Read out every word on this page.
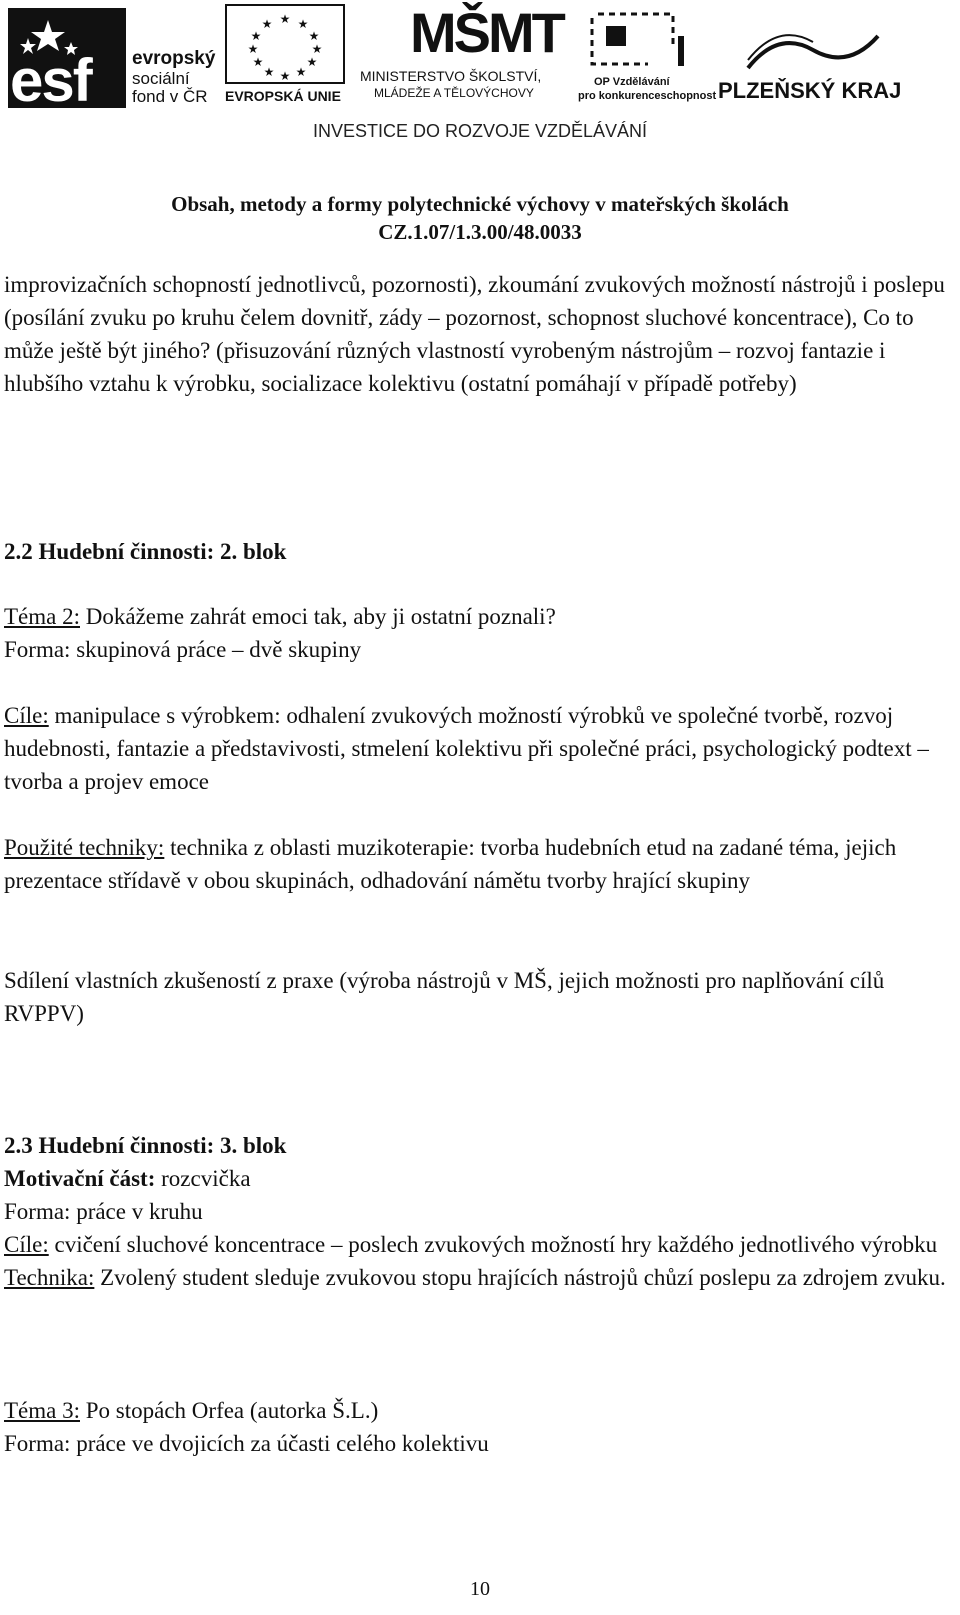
esf evropský
sociální
fond v ČR
★ ★
★
★
★
★
★
★
★
★
★
★
EVROPSKÁ UNIE
MŠMT
MINISTERSTVO ŠKOLSTVÍ,
MLÁDEŽE A TĚLOVÝCHOVY
OP Vzdělávání
pro konkurenceschopnost PLZEŇSKÝ KRAJ
INVESTICE DO ROZVOJE VZDĚLÁVÁNÍ
Obsah, metody a formy polytechnické výchovy v mateřských školách
CZ.1.07/1.3.00/48.0033

improvizačních schopností jednotlivců, pozornosti), zkoumání zvukových možností nástrojů i poslepu (posílání zvuku po kruhu čelem dovnitř, zády – pozornost, schopnost sluchové koncentrace), Co to může ještě být jiného? (přisuzování různých vlastností vyrobeným nástrojům – rozvoj fantazie i hlubšího vztahu k výrobku, socializace kolektivu (ostatní pomáhají v případě potřeby)

2.2 Hudební činnosti: 2. blok

Téma 2: Dokážeme zahrát emoci tak, aby ji ostatní poznali?

Forma: skupinová práce – dvě skupiny

Cíle: manipulace s výrobkem: odhalení zvukových možností výrobků ve společné tvorbě, rozvoj hudebnosti, fantazie a představivosti, stmelení kolektivu při společné práci, psychologický podtext – tvorba a projev emoce

Použité techniky: technika z oblasti muzikoterapie: tvorba hudebních etud na zadané téma, jejich prezentace střídavě v obou skupinách, odhadování námětu tvorby hrající skupiny

Sdílení vlastních zkušeností z praxe (výroba nástrojů v MŠ, jejich možnosti pro naplňování cílů RVPPV)

2.3 Hudební činnosti: 3. blok

Motivační část: rozcvička

Forma: práce v kruhu

Cíle: cvičení sluchové koncentrace – poslech zvukových možností hry každého jednotlivého výrobku

Technika: Zvolený student sleduje zvukovou stopu hrajících nástrojů chůzí poslepu za zdrojem zvuku.

Téma 3: Po stopách Orfea (autorka Š.L.)

Forma: práce ve dvojicích za účasti celého kolektivu

10
